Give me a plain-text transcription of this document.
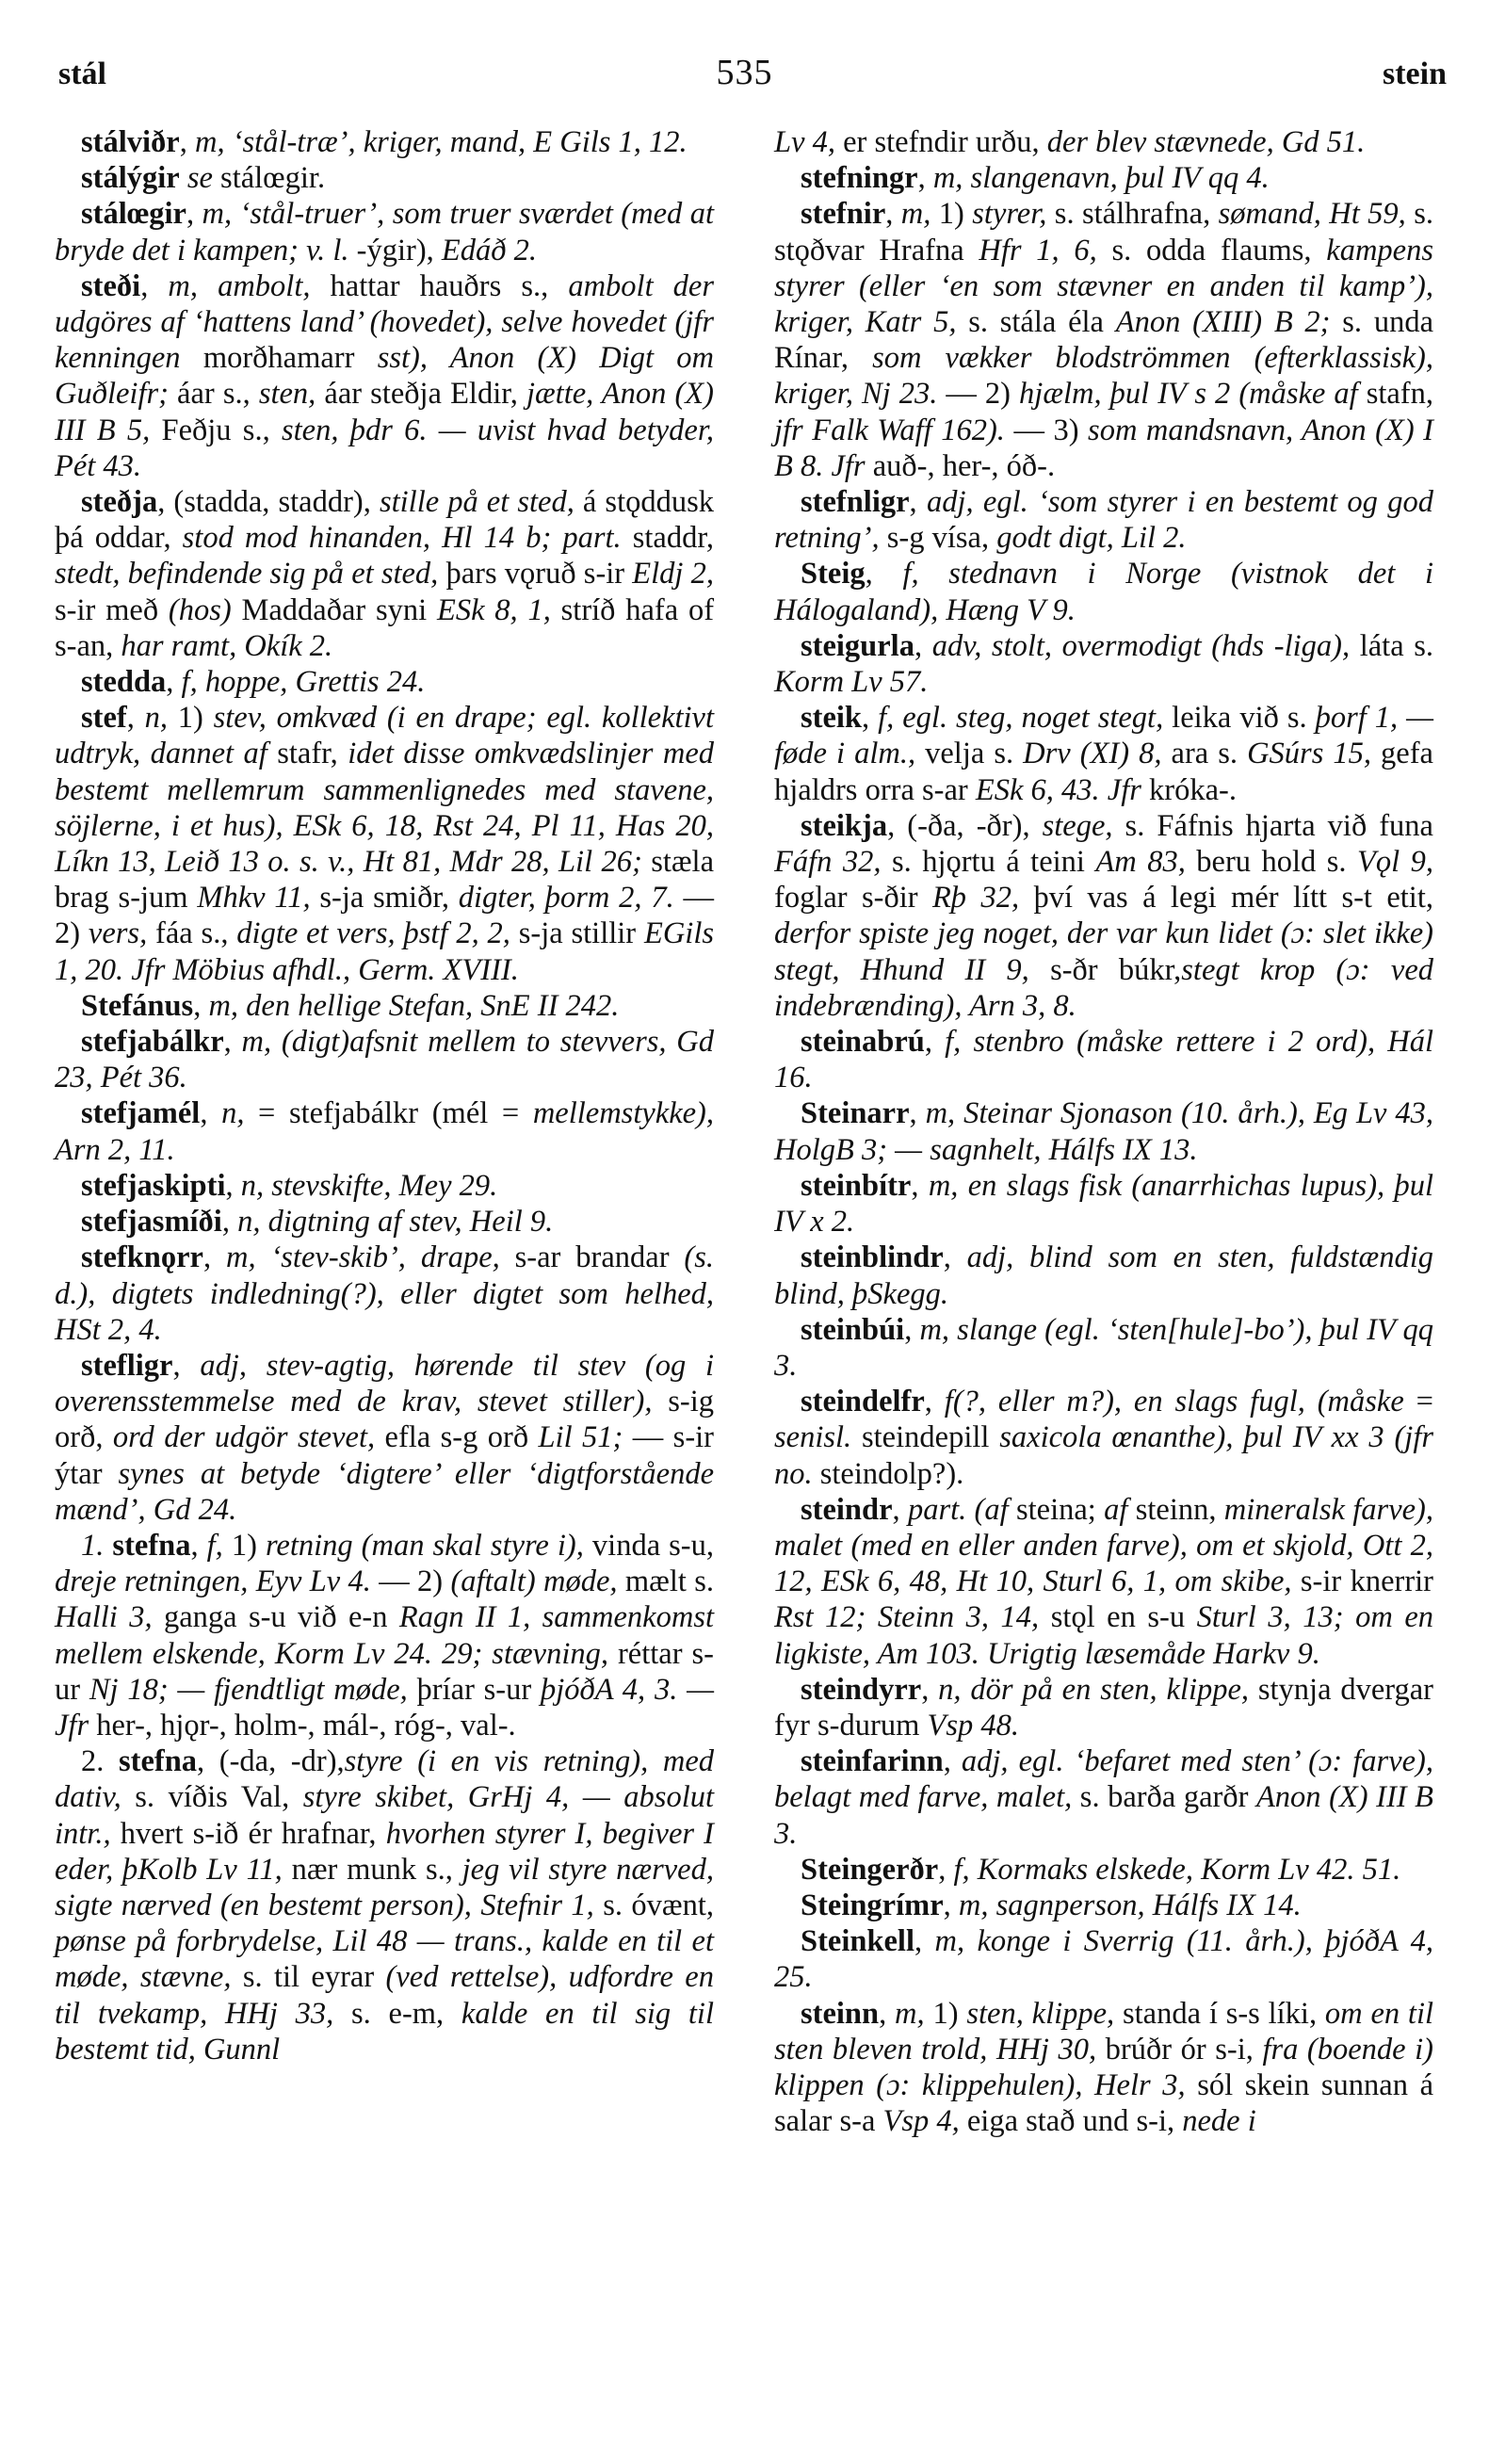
stál	535	stein

stálviðr, m, ‘stål-træ’, kriger, mand, E Gils 1, 12.

stálýgir se stálœgir.

stálœgir, m, ‘stål-truer’, som truer sværdet (med at bryde det i kampen; v. l. -ýgir), Edáð 2.

steði, m, ambolt, hattar hauðrs s., ambolt der udgöres af ‘hattens land’ (hovedet), selve hovedet (jfr kenningen morðhamarr sst), Anon (X) Digt om Guðleifr; áar s., sten, áar steðja Eldir, jætte, Anon (X) III B 5, Feðju s., sten, þdr 6. — uvist hvad betyder, Pét 43.

steðja, (stadda, staddr), stille på et sted, á stǫddusk þá oddar, stod mod hinanden, Hl 14 b; part. staddr, stedt, befindende sig på et sted, þars vǫruð s-ir Eldj 2, s-ir með (hos) Maddaðar syni ESk 8, 1, stríð hafa of s-an, har ramt, Okík 2.

stedda, f, hoppe, Grettis 24.

stef, n, 1) stev, omkvæd (i en drape; egl. kollektivt udtryk, dannet af stafr, idet disse omkvædslinjer med bestemt mellemrum sammenlignedes med stavene, söjlerne, i et hus), ESk 6, 18, Rst 24, Pl 11, Has 20, Líkn 13, Leið 13 o. s. v., Ht 81, Mdr 28, Lil 26; stæla brag s-jum Mhkv 11, s-ja smiðr, digter, þorm 2, 7. — 2) vers, fáa s., digte et vers, þstf 2, 2, s-ja stillir EGils 1, 20. Jfr Möbius afhdl., Germ. XVIII.

Stefánus, m, den hellige Stefan, SnE II 242.

stefjabálkr, m, (digt)afsnit mellem to stevvers, Gd 23, Pét 36.

stefjamél, n, = stefjabálkr (mél = mellemstykke), Arn 2, 11.

stefjaskipti, n, stevskifte, Mey 29.

stefjasmíði, n, digtning af stev, Heil 9.

stefknǫrr, m, ‘stev-skib’, drape, s-ar brandar (s. d.), digtets indledning(?), eller digtet som helhed, HSt 2, 4.

stefligr, adj, stev-agtig, hørende til stev (og i overensstemmelse med de krav, stevet stiller), s-ig orð, ord der udgör stevet, efla s-g orð Lil 51; — s-ir ýtar synes at betyde ‘digtere’ eller ‘digtforstående mænd’, Gd 24.

1. stefna, f, 1) retning (man skal styre i), vinda s-u, dreje retningen, Eyv Lv 4. — 2) (aftalt) møde, mælt s. Halli 3, ganga s-u við e-n Ragn II 1, sammenkomst mellem elskende, Korm Lv 24. 29; stævning, réttar s-ur Nj 18; — fjendtligt møde, þríar s-ur þjóðA 4, 3. — Jfr her-, hjǫr-, holm-, mál-, róg-, val-.

2. stefna, (-da, -dr),styre (i en vis retning), med dativ, s. víðis Val, styre skibet, GrHj 4, — absolut intr., hvert s-ið ér hrafnar, hvorhen styrer I, begiver I eder, þKolb Lv 11, nær munk s., jeg vil styre nærved, sigte nærved (en bestemt person), Stefnir 1, s. óvænt, pønse på forbrydelse, Lil 48 — trans., kalde en til et møde, stævne, s. til eyrar (ved rettelse), udfordre en til tvekamp, HHj 33, s. e-m, kalde en til sig til bestemt tid, Gunnl

Lv 4, er stefndir urðu, der blev stævnede, Gd 51.

stefningr, m, slangenavn, þul IV qq 4.

stefnir, m, 1) styrer, s. stálhrafna, sømand, Ht 59, s. stǫðvar Hrafna Hfr 1, 6, s. odda flaums, kampens styrer (eller ‘en som stævner en anden til kamp’), kriger, Katr 5, s. stála éla Anon (XIII) B 2; s. unda Rínar, som vækker blodströmmen (efterklassisk), kriger, Nj 23. — 2) hjælm, þul IV s 2 (måske af stafn, jfr Falk Waff 162). — 3) som mandsnavn, Anon (X) I B 8. Jfr auð-, her-, óð-.

stefnligr, adj, egl. ‘som styrer i en bestemt og god retning’, s-g vísa, godt digt, Lil 2.

Steig, f, stednavn i Norge (vistnok det i Hálogaland), Hæng V 9.

steigurla, adv, stolt, overmodigt (hds -liga), láta s. Korm Lv 57.

steik, f, egl. steg, noget stegt, leika við s. þorf 1, — føde i alm., velja s. Drv (XI) 8, ara s. GSúrs 15, gefa hjaldrs orra s-ar ESk 6, 43. Jfr króka-.

steikja, (-ða, -ðr), stege, s. Fáfnis hjarta við funa Fáfn 32, s. hjǫrtu á teini Am 83, beru hold s. Vǫl 9, foglar s-ðir Rþ 32, því vas á legi mér lítt s-t etit, derfor spiste jeg noget, der var kun lidet (ɔ: slet ikke) stegt, Hhund II 9, s-ðr búkr,stegt krop (ɔ: ved indebrænding), Arn 3, 8.

steinabrú, f, stenbro (måske rettere i 2 ord), Hál 16.

Steinarr, m, Steinar Sjonason (10. årh.), Eg Lv 43, HolgB 3; — sagnhelt, Hálfs IX 13.

steinbítr, m, en slags fisk (anarrhichas lupus), þul IV x 2.

steinblindr, adj, blind som en sten, fuldstændig blind, þSkegg.

steinbúi, m, slange (egl. ‘sten[hule]-bo’), þul IV qq 3.

steindelfr, f(?, eller m?), en slags fugl, (måske = senisl. steindepill saxicola œnanthe), þul IV xx 3 (jfr no. steindolp?).

steindr, part. (af steina; af steinn, mineralsk farve), malet (med en eller anden farve), om et skjold, Ott 2, 12, ESk 6, 48, Ht 10, Sturl 6, 1, om skibe, s-ir knerrir Rst 12; Steinn 3, 14, stǫl en s-u Sturl 3, 13; om en ligkiste, Am 103. Urigtig læsemåde Harkv 9.

steindyrr, n, dör på en sten, klippe, stynja dvergar fyr s-durum Vsp 48.

steinfarinn, adj, egl. ‘befaret med sten’ (ɔ: farve), belagt med farve, malet, s. barða garðr Anon (X) III B 3.

Steingerðr, f, Kormaks elskede, Korm Lv 42. 51.

Steingrímr, m, sagnperson, Hálfs IX 14.

Steinkell, m, konge i Sverrig (11. årh.), þjóðA 4, 25.

steinn, m, 1) sten, klippe, standa í s-s líki, om en til sten bleven trold, HHj 30, brúðr ór s-i, fra (boende i) klippen (ɔ: klippehulen), Helr 3, sól skein sunnan á salar s-a Vsp 4, eiga stað und s-i, nede i
